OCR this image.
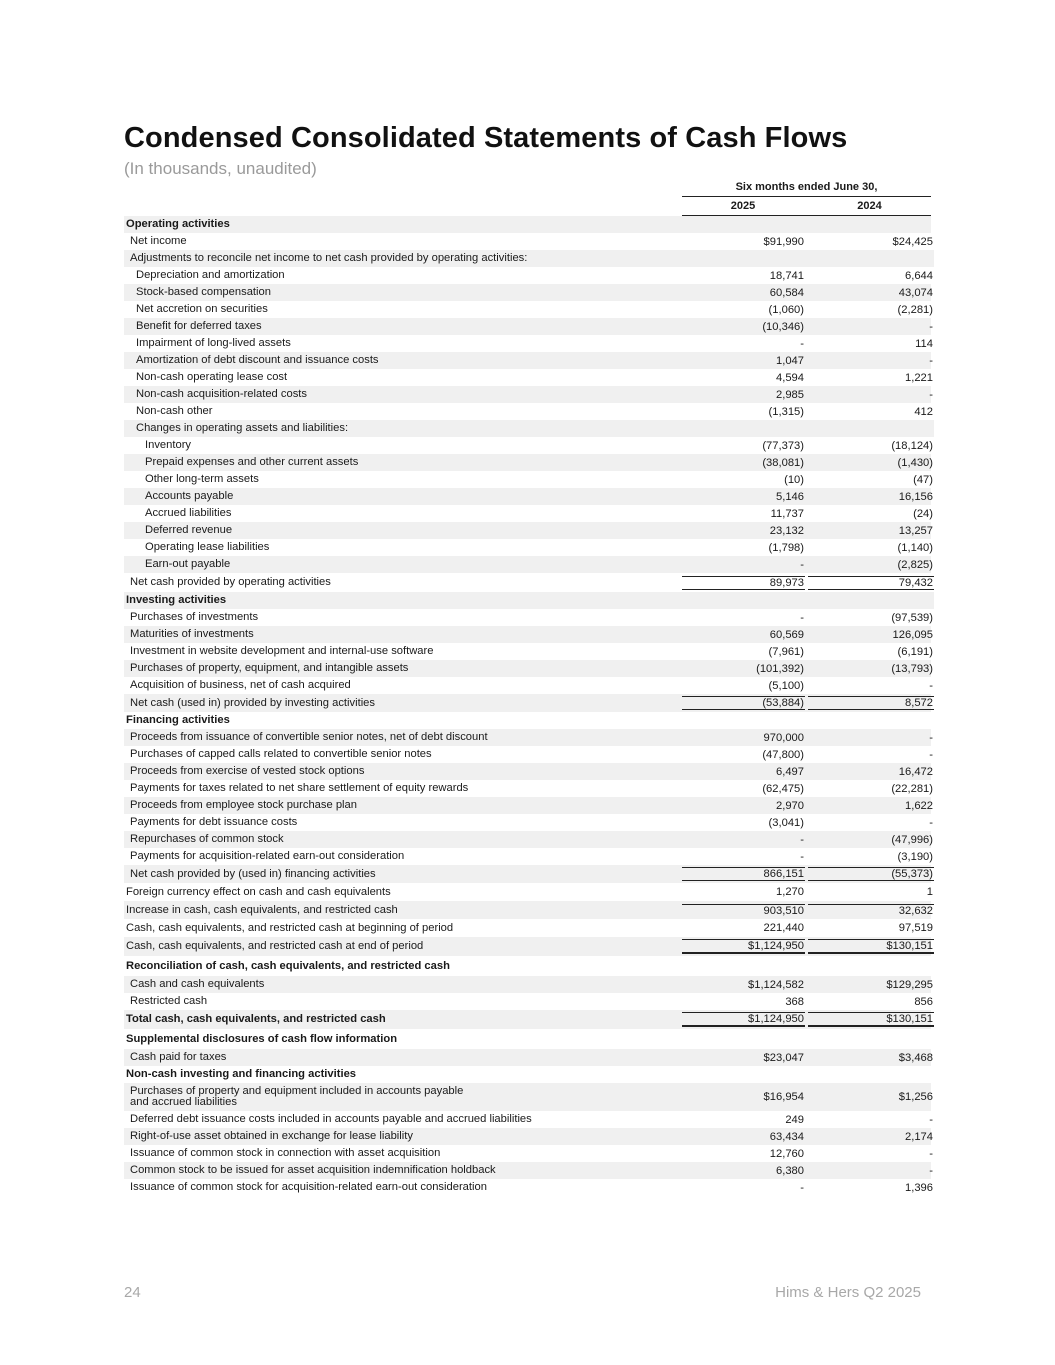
Condensed Consolidated Statements of Cash Flows
(In thousands, unaudited)
Six months ended June 30,
2025	2024
Operating activities
Net income	$91,990	$24,425
Adjustments to reconcile net income to net cash provided by operating activities:
Depreciation and amortization	18,741	6,644
Stock-based compensation	60,584	43,074
Net accretion on securities	(1,060)	(2,281)
Benefit for deferred taxes	(10,346)	-
Impairment of long-lived assets	-	114
Amortization of debt discount and issuance costs	1,047	-
Non-cash operating lease cost	4,594	1,221
Non-cash acquisition-related costs	2,985	-
Non-cash other	(1,315)	412
Changes in operating assets and liabilities:
Inventory	(77,373)	(18,124)
Prepaid expenses and other current assets	(38,081)	(1,430)
Other long-term assets	(10)	(47)
Accounts payable	5,146	16,156
Accrued liabilities	11,737	(24)
Deferred revenue	23,132	13,257
Operating lease liabilities	(1,798)	(1,140)
Earn-out payable	-	(2,825)
Net cash provided by operating activities	89,973	79,432
Investing activities
Purchases of investments	-	(97,539)
Maturities of investments	60,569	126,095
Investment in website development and internal-use software	(7,961)	(6,191)
Purchases of property, equipment, and intangible assets	(101,392)	(13,793)
Acquisition of business, net of cash acquired	(5,100)	-
Net cash (used in) provided by investing activities	(53,884)	8,572
Financing activities
Proceeds from issuance of convertible senior notes, net of debt discount	970,000	-
Purchases of capped calls related to convertible senior notes	(47,800)	-
Proceeds from exercise of vested stock options	6,497	16,472
Payments for taxes related to net share settlement of equity rewards	(62,475)	(22,281)
Proceeds from employee stock purchase plan	2,970	1,622
Payments for debt issuance costs	(3,041)	-
Repurchases of common stock	-	(47,996)
Payments for acquisition-related earn-out consideration	-	(3,190)
Net cash provided by (used in) financing activities	866,151	(55,373)
Foreign currency effect on cash and cash equivalents	1,270	1
Increase in cash, cash equivalents, and restricted cash	903,510	32,632
Cash, cash equivalents, and restricted cash at beginning of period	221,440	97,519
Cash, cash equivalents, and restricted cash at end of period	$1,124,950	$130,151
Reconciliation of cash, cash equivalents, and restricted cash
Cash and cash equivalents	$1,124,582	$129,295
Restricted cash	368	856
Total cash, cash equivalents, and restricted cash	$1,124,950	$130,151
Supplemental disclosures of cash flow information
Cash paid for taxes	$23,047	$3,468
Non-cash investing and financing activities
Purchases of property and equipment included in accounts payable
and accrued liabilities	$16,954	$1,256
Deferred debt issuance costs included in accounts payable and accrued liabilities	249	-
Right-of-use asset obtained in exchange for lease liability	63,434	2,174
Issuance of common stock in connection with asset acquisition	12,760	-
Common stock to be issued for asset acquisition indemnification holdback	6,380	-
Issuance of common stock for acquisition-related earn-out consideration	-	1,396
24	Hims & Hers Q2 2025
